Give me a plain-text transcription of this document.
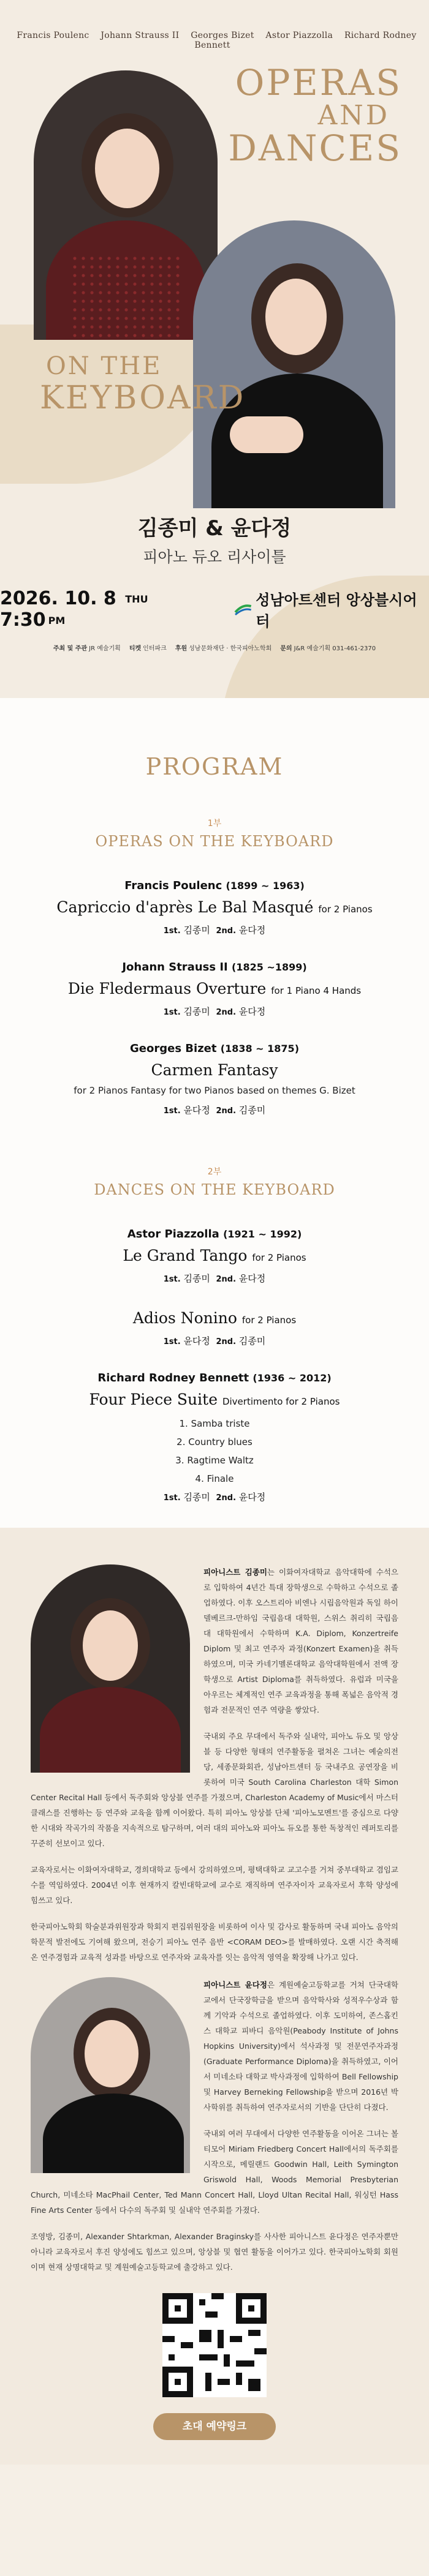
Francis Poulenc Johann Strauss II Georges Bizet Astor Piazzolla Richard Rodney Bennett
OPERAS
AND
DANCES
ON THE
KEYBOARD
김종미 & 윤다정
피아노 듀오 리사이틀
2026. 10. 8 THU 7:30 PM
성남아트센터 앙상블시어터
주최 및 주관 JR 예술기획 티켓 인터파크 후원 성남문화재단 · 한국피아노학회 문의 J&R 예술기획 031-461-2370
PROGRAM
1부
OPERAS ON THE KEYBOARD
Francis Poulenc (1899 ~ 1963)
Capriccio d'après Le Bal Masqué for 2 Pianos
1st. 김종미 2nd. 윤다정
Johann Strauss II (1825 ~1899)
Die Fledermaus Overture for 1 Piano 4 Hands
1st. 김종미 2nd. 윤다정
Georges Bizet (1838 ~ 1875)
Carmen Fantasy
for 2 Pianos Fantasy for two Pianos based on themes G. Bizet
1st. 윤다정 2nd. 김종미
2부
DANCES ON THE KEYBOARD
Astor Piazzolla (1921 ~ 1992)
Le Grand Tango for 2 Pianos
1st. 김종미 2nd. 윤다정
Adios Nonino for 2 Pianos
1st. 윤다정 2nd. 김종미
Richard Rodney Bennett (1936 ~ 2012)
Four Piece Suite Divertimento for 2 Pianos
1. Samba triste
2. Country blues
3. Ragtime Waltz
4. Finale
1st. 김종미 2nd. 윤다정

피아니스트 김종미는 이화여자대학교 음악대학에 수석으로 입학하여 4년간 특대 장학생으로 수학하고 수석으로 졸업하였다. 이후 오스트리아 비엔나 시립음악원과 독일 하이델베르크-만하임 국립음대 대학원, 스위스 취리히 국립음대 대학원에서 수학하며 K.A. Diplom, Konzertreife Diplom 및 최고 연주자 과정(Konzert Examen)을 취득하였으며, 미국 카네기멜론대학교 음악대학원에서 전액 장학생으로 Artist Diploma를 취득하였다. 유럽과 미국을 아우르는 체계적인 연주 교육과정을 통해 폭넓은 음악적 경험과 전문적인 연주 역량을 쌓았다.

국내외 주요 무대에서 독주와 실내악, 피아노 듀오 및 앙상블 등 다양한 형태의 연주활동을 펼쳐온 그녀는 예술의전당, 세종문화회관, 성남아트센터 등 국내주요 공연장을 비롯하여 미국 South Carolina Charleston 대학 Simon Center Recital Hall 등에서 독주회와 앙상블 연주를 가졌으며, Charleston Academy of Music에서 마스터클래스를 진행하는 등 연주와 교육을 함께 이어왔다. 특히 피아노 앙상블 단체 '피아노모멘트'를 중심으로 다양한 시대와 작곡가의 작품을 지속적으로 탐구하며, 여러 대의 피아노와 피아노 듀오를 통한 독창적인 레퍼토리를 꾸준히 선보이고 있다.

교육자로서는 이화여자대학교, 경희대학교 등에서 강의하였으며, 평택대학교 교고수를 거쳐 중부대학교 겸임교수를 역임하였다. 2004년 이후 현재까지 칼빈대학교에 교수로 재직하며 연주자이자 교육자로서 후학 양성에 힘쓰고 있다.

한국피아노학회 학술분과위원장과 학회지 편집위원장을 비롯하여 이사 및 감사로 활동하며 국내 피아노 음악의 학문적 발전에도 기여해 왔으며, 전승기 피아노 연주 음반 <CORAM DEO>를 발매하였다. 오랜 시간 축적해온 연주경험과 교육적 성과를 바탕으로 연주자와 교육자를 잇는 음악적 영역을 확장해 나가고 있다.

피아니스트 윤다정은 계원예술고등학교를 거쳐 단국대학교에서 단국장학금을 받으며 음악학사와 성적우수상과 함께 기악과 수석으로 졸업하였다. 이후 도미하여, 존스홉킨스 대학교 피바디 음악원(Peabody Institute of Johns Hopkins University)에서 석사과정 및 전문연주자과정(Graduate Performance Diploma)을 취득하였고, 이어서 미네소타 대학교 박사과정에 입학하여 Bell Fellowship 및 Harvey Berneking Fellowship을 받으며 2016년 박사학위를 취득하여 연주자로서의 기반을 단단히 다졌다.

국내외 여러 무대에서 다양한 연주활동을 이어온 그녀는 볼티모어 Miriam Friedberg Concert Hall에서의 독주회를 시작으로, 메릴랜드 Goodwin Hall, Leith Symington Griswold Hall, Woods Memorial Presbyterian Church, 미네소타 MacPhail Center, Ted Mann Concert Hall, Lloyd Ultan Recital Hall, 워싱턴 Hass Fine Arts Center 등에서 다수의 독주회 및 실내악 연주회를 가졌다.

조영방, 김종미, Alexander Shtarkman, Alexander Braginsky를 사사한 피아니스트 윤다정은 연주자뿐만 아니라 교육자로서 후진 양성에도 힘쓰고 있으며, 앙상블 및 협연 활동을 이어가고 있다. 한국피아노학회 회원이며 현재 상명대학교 및 계원예술고등학교에 출강하고 있다.

초대 예약링크
